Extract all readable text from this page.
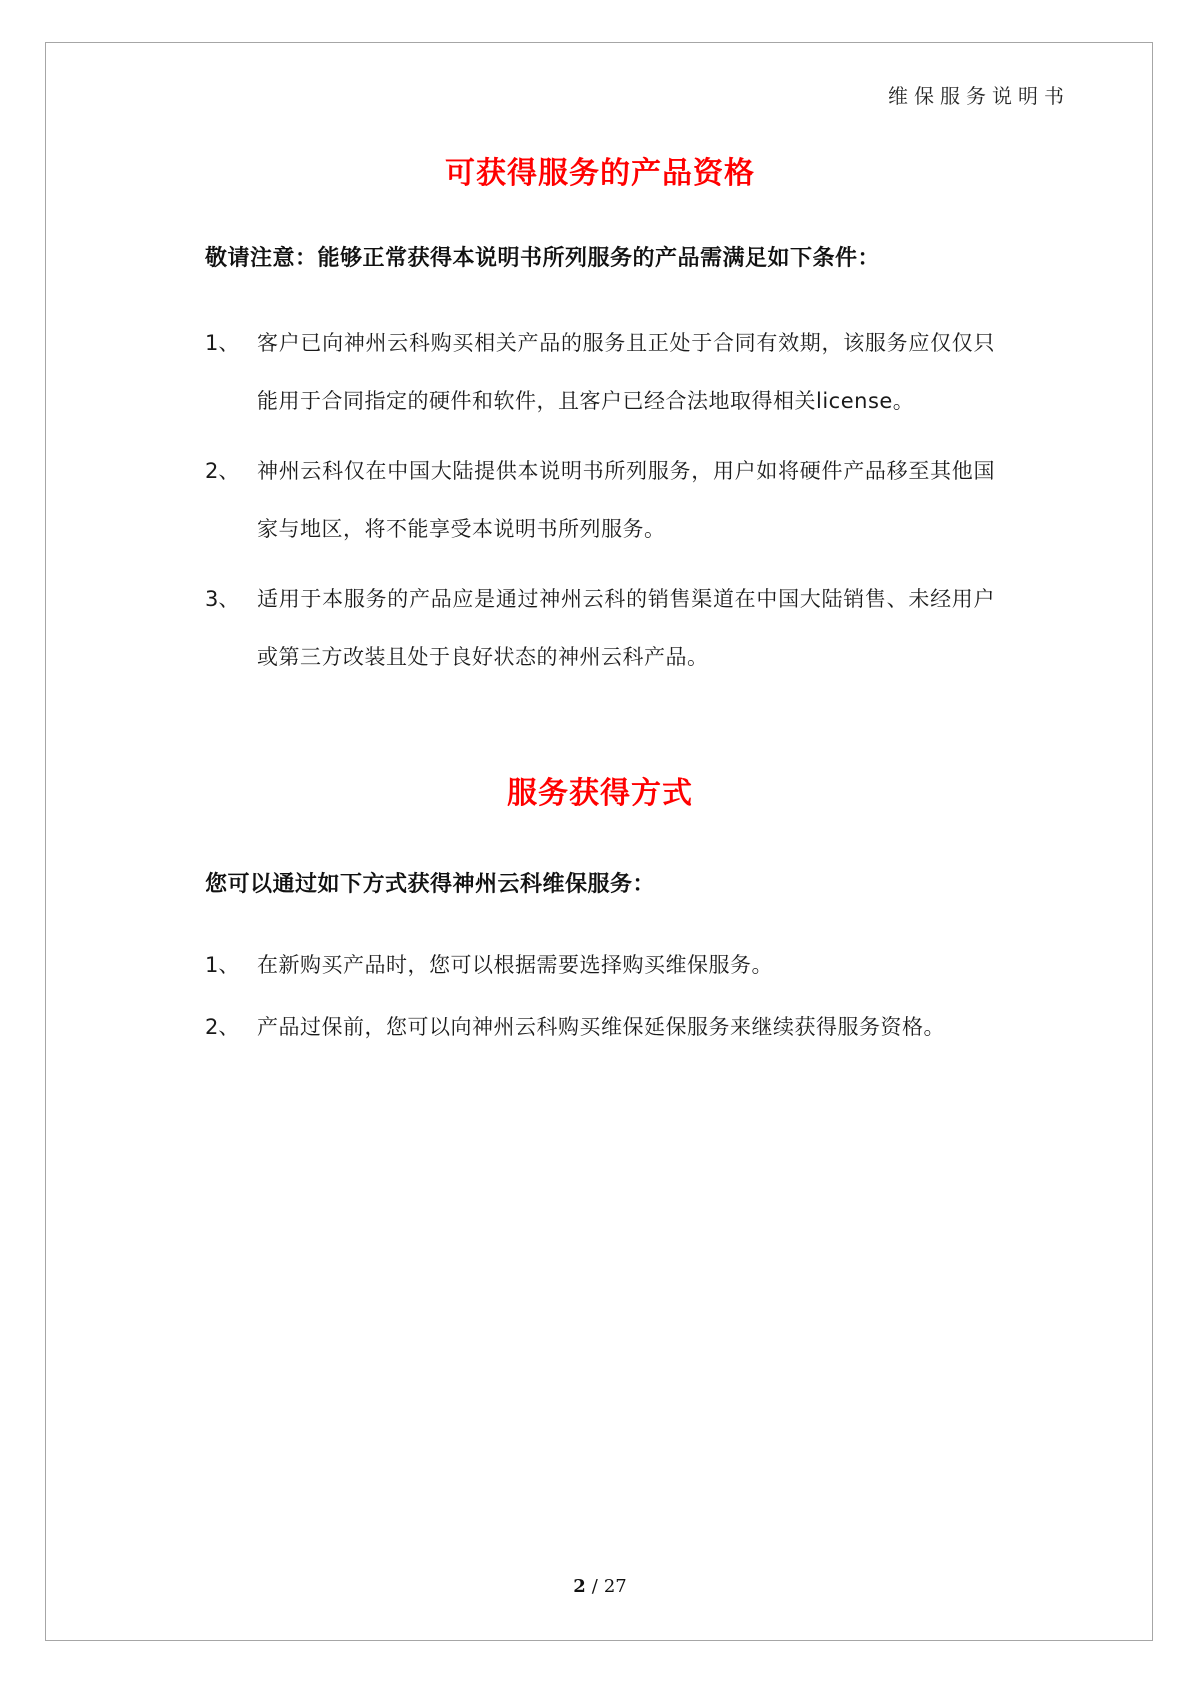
维保服务说明书
可获得服务的产品资格
敬请注意：能够正常获得本说明书所列服务的产品需满足如下条件：
1、 客户已向神州云科购买相关产品的服务且正处于合同有效期，该服务应仅仅只能用于合同指定的硬件和软件，且客户已经合法地取得相关license。
2、 神州云科仅在中国大陆提供本说明书所列服务，用户如将硬件产品移至其他国家与地区，将不能享受本说明书所列服务。
3、 适用于本服务的产品应是通过神州云科的销售渠道在中国大陆销售、未经用户或第三方改装且处于良好状态的神州云科产品。
服务获得方式
您可以通过如下方式获得神州云科维保服务：
1、 在新购买产品时，您可以根据需要选择购买维保服务。
2、 产品过保前，您可以向神州云科购买维保延保服务来继续获得服务资格。
2 / 27
